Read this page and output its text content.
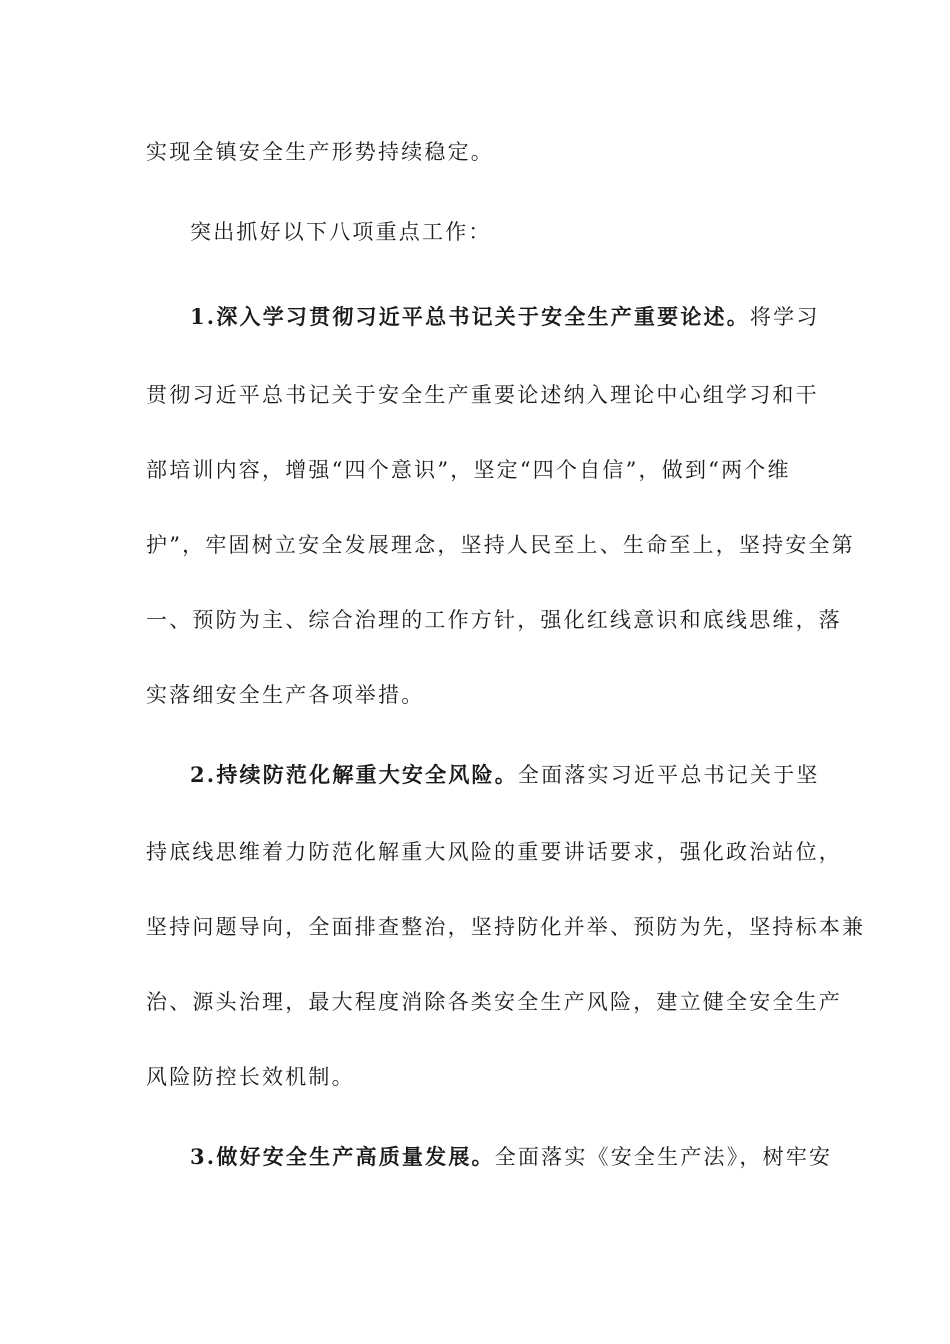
实现全镇安全生产形势持续稳定。
突出抓好以下八项重点工作：
1.深入学习贯彻习近平总书记关于安全生产重要论述。将学习
贯彻习近平总书记关于安全生产重要论述纳入理论中心组学习和干
部培训内容，增强“四个意识”，坚定“四个自信”，做到“两个维
护”，牢固树立安全发展理念，坚持人民至上、生命至上，坚持安全第
一、预防为主、综合治理的工作方针，强化红线意识和底线思维，落
实落细安全生产各项举措。
2.持续防范化解重大安全风险。全面落实习近平总书记关于坚
持底线思维着力防范化解重大风险的重要讲话要求，强化政治站位，
坚持问题导向，全面排查整治，坚持防化并举、预防为先，坚持标本兼
治、源头治理，最大程度消除各类安全生产风险，建立健全安全生产
风险防控长效机制。
3.做好安全生产高质量发展。全面落实《安全生产法》，树牢安
